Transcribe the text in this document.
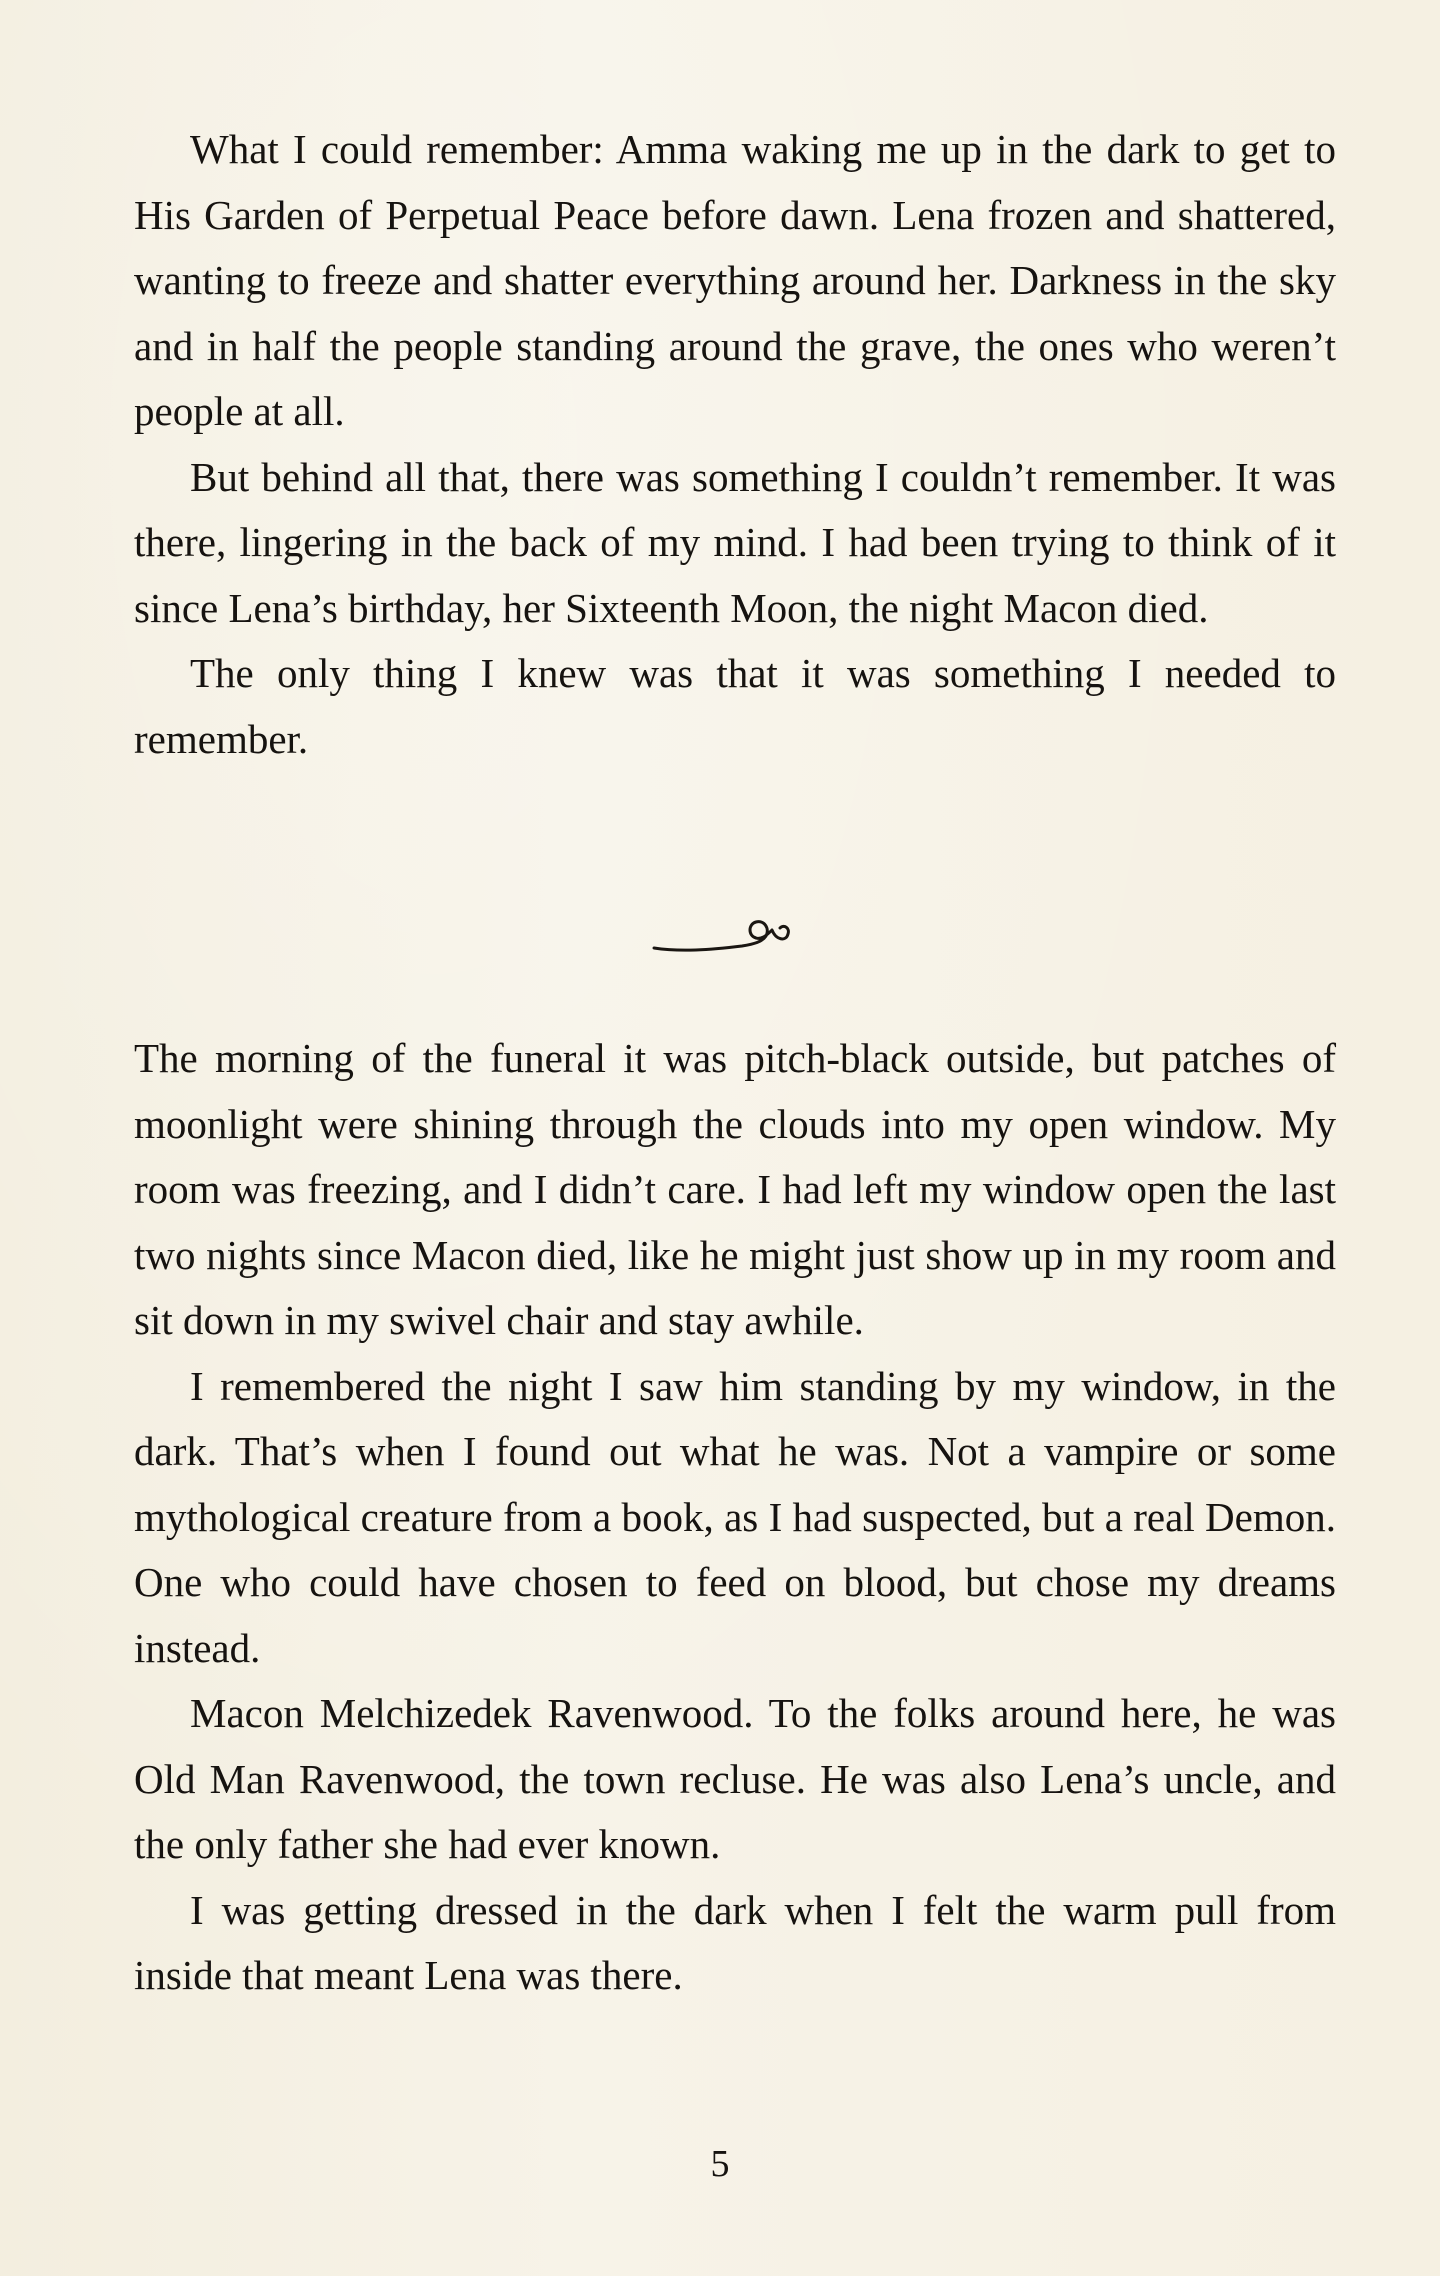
What I could remember: Amma waking me up in the dark to get to His Garden of Perpetual Peace before dawn. Lena frozen and shattered, wanting to freeze and shatter everything around her. Darkness in the sky and in half the people standing around the grave, the ones who weren’t people at all.

But behind all that, there was something I couldn’t remember. It was there, lingering in the back of my mind. I had been trying to think of it since Lena’s birthday, her Sixteenth Moon, the night Macon died.

The only thing I knew was that it was something I needed to remember.

The morning of the funeral it was pitch-black outside, but patches of moonlight were shining through the clouds into my open window. My room was freezing, and I didn’t care. I had left my window open the last two nights since Macon died, like he might just show up in my room and sit down in my swivel chair and stay awhile.

I remembered the night I saw him standing by my window, in the dark. That’s when I found out what he was. Not a vampire or some mythological creature from a book, as I had suspected, but a real Demon. One who could have chosen to feed on blood, but chose my dreams instead.

Macon Melchizedek Ravenwood. To the folks around here, he was Old Man Ravenwood, the town recluse. He was also Lena’s uncle, and the only father she had ever known.

I was getting dressed in the dark when I felt the warm pull from inside that meant Lena was there.

5
